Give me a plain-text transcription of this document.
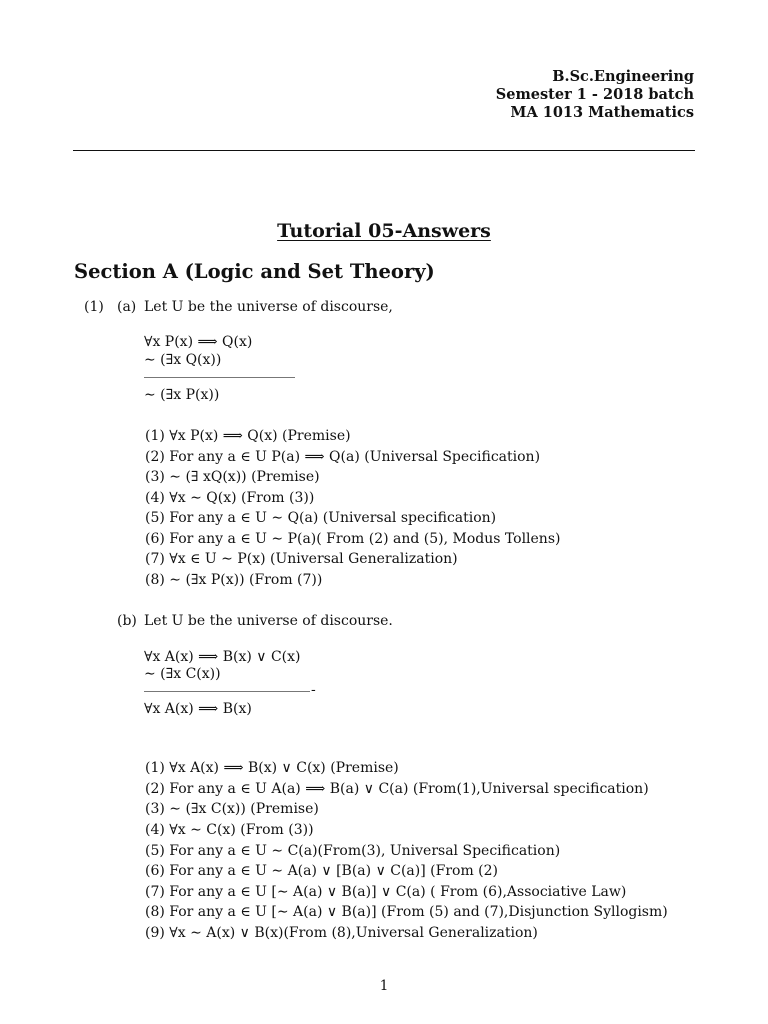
B.Sc.Engineering
Semester 1 - 2018 batch
MA 1013 Mathematics
Tutorial 05-Answers
Section A (Logic and Set Theory)
(1) (a) Let U be the universe of discourse,
∀x P(x) ⟹ Q(x)
∼ (∃x Q(x))
∼ (∃x P(x))
(1) ∀x P(x) ⟹ Q(x) (Premise)
(2) For any a ∈ U P(a) ⟹ Q(a) (Universal Specification)
(3) ∼ (∃ xQ(x)) (Premise)
(4) ∀x ∼ Q(x) (From (3))
(5) For any a ∈ U ∼ Q(a) (Universal specification)
(6) For any a ∈ U ∼ P(a)( From (2) and (5), Modus Tollens)
(7) ∀x ∈ U ∼ P(x) (Universal Generalization)
(8) ∼ (∃x P(x)) (From (7))
(b) Let U be the universe of discourse.
∀x A(x) ⟹ B(x) ∨ C(x)
∼ (∃x C(x))
-
∀x A(x) ⟹ B(x)
(1) ∀x A(x) ⟹ B(x) ∨ C(x) (Premise)
(2) For any a ∈ U A(a) ⟹ B(a) ∨ C(a) (From(1),Universal specification)
(3) ∼ (∃x C(x)) (Premise)
(4) ∀x ∼ C(x) (From (3))
(5) For any a ∈ U ∼ C(a)(From(3), Universal Specification)
(6) For any a ∈ U ∼ A(a) ∨ [B(a) ∨ C(a)] (From (2)
(7) For any a ∈ U [∼ A(a) ∨ B(a)] ∨ C(a) ( From (6),Associative Law)
(8) For any a ∈ U [∼ A(a) ∨ B(a)] (From (5) and (7),Disjunction Syllogism)
(9) ∀x ∼ A(x) ∨ B(x)(From (8),Universal Generalization)
1
